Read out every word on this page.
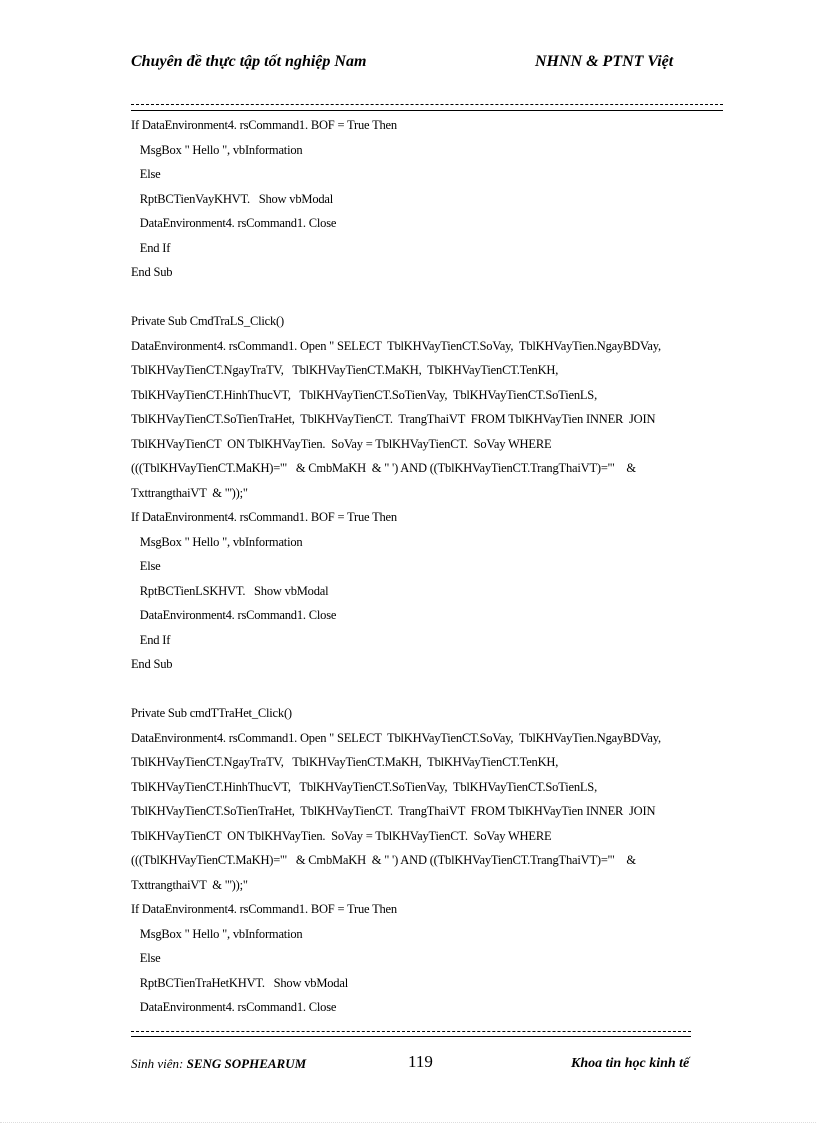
Chuyên đề thực tập tốt nghiệp Nam	NHNN & PTNT Việt
If DataEnvironment4. rsCommand1. BOF = True Then
MsgBox " Hello ", vbInformation
Else
RptBCTienVayKHVT.   Show vbModal
DataEnvironment4. rsCommand1. Close
End If
End Sub
Private Sub CmdTraLS_Click()
DataEnvironment4. rsCommand1. Open " SELECT  TblKHVayTienCT.SoVay,  TblKHVayTien.NgayBDVay,
TblKHVayTienCT.NgayTraTV,   TblKHVayTienCT.MaKH,  TblKHVayTienCT.TenKH,
TblKHVayTienCT.HinhThucVT,   TblKHVayTienCT.SoTienVay,  TblKHVayTienCT.SoTienLS,
TblKHVayTienCT.SoTienTraHet,  TblKHVayTienCT.  TrangThaiVT  FROM TblKHVayTien INNER  JOIN
TblKHVayTienCT  ON TblKHVayTien.  SoVay = TblKHVayTienCT.  SoVay WHERE
(((TblKHVayTienCT.MaKH)='"   & CmbMaKH  & " ') AND ((TblKHVayTienCT.TrangThaiVT)='"    &
TxttrangthaiVT  & "'));"
If DataEnvironment4. rsCommand1. BOF = True Then
MsgBox " Hello ", vbInformation
Else
RptBCTienLSKHVT.   Show vbModal
DataEnvironment4. rsCommand1. Close
End If
End Sub
Private Sub cmdTTraHet_Click()
DataEnvironment4. rsCommand1. Open " SELECT  TblKHVayTienCT.SoVay,  TblKHVayTien.NgayBDVay,
TblKHVayTienCT.NgayTraTV,   TblKHVayTienCT.MaKH,  TblKHVayTienCT.TenKH,
TblKHVayTienCT.HinhThucVT,   TblKHVayTienCT.SoTienVay,  TblKHVayTienCT.SoTienLS,
TblKHVayTienCT.SoTienTraHet,  TblKHVayTienCT.  TrangThaiVT  FROM TblKHVayTien INNER  JOIN
TblKHVayTienCT  ON TblKHVayTien.  SoVay = TblKHVayTienCT.  SoVay WHERE
(((TblKHVayTienCT.MaKH)='"   & CmbMaKH  & " ') AND ((TblKHVayTienCT.TrangThaiVT)='"    &
TxttrangthaiVT  & "'));"
If DataEnvironment4. rsCommand1. BOF = True Then
MsgBox " Hello ", vbInformation
Else
RptBCTienTraHetKHVT.   Show vbModal
DataEnvironment4. rsCommand1. Close
Sinh viên: SENG SOPHEARUM	119	Khoa tin học kinh tế
